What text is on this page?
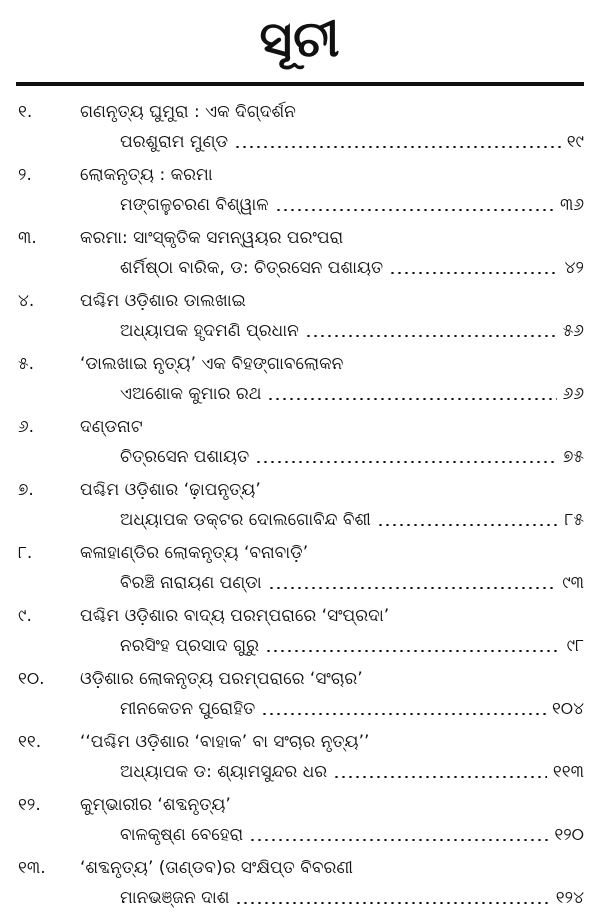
ସୂଚୀ
୧.	ଗଣନୃତ୍ୟ ଘୁମୁରା : ଏକ ଦିଗ୍‌ଦର୍ଶନ
ପରଶୁରାମ ମୁଣ୍ଡ	୧୯
୨.	ଲୋକନୃତ୍ୟ : କରମା
ମଙ୍ଗଳୁଚରଣ ବିଶ୍ୱାଳ	୩୬
୩.	କରମା: ସାଂସ୍କୃତିକ ସମନ୍ୱୟର ପରଂପରା
ଶର୍ମିଷ୍ଠା ବାରିକ, ଡ: ଚିତ୍ରସେନ ପଶାୟତ	୪୨
୪.	ପଶ୍ଚିମ ଓଡ଼ିଶାର ଡାଲଖାଇ
ଅଧ୍ୟାପକ ହୃଦମଣି ପ୍ରଧାନ	୫୬
୫.	‘ଡାଲଖାଇ ନୃତ୍ୟ’ ଏକ ବିହଙ୍ଗାବଲୋକନ
ଏଅଶୋକ କୁମାର ରଥ	୬୬
୬.	ଦଣ୍ଡନାଟ
ଚିତ୍ରସେନ ପଶାୟତ	୭୫
୭.	ପଶ୍ଚିମ ଓଡ଼ିଶାର ‘ଢ଼ାପନୃତ୍ୟ’
ଅଧ୍ୟାପକ ଡକ୍ଟର ଦୋଲଗୋବିନ୍ଦ ବିଶୀ	୮୫
୮.	କଳାହାଣ୍ଡିର ଲୋକନୃତ୍ୟ ‘ବନାବାଡ଼ି’
ବିରଞ୍ଚି ନାରାୟଣ ପଣ୍ଡା	୯୩
୯.	ପଶ୍ଚିମ ଓଡ଼ିଶାର ବାଦ୍ୟ ପରମ୍ପରାରେ ‘ସଂପ୍ରଦା’
ନରସିଂହ ପ୍ରସାଦ ଗୁରୁ	୯୮
୧୦.	ଓଡ଼ିଶାର ଲୋକନୃତ୍ୟ ପରମ୍ପରାରେ ‘ସଂଚାର’
ମୀନକେତନ ପୁରୋହିତ	୧୦୪
୧୧.	‘‘ପଶ୍ଚିମ ଓଡ଼ିଶାର ‘ବାହାକ’ ବା ସଂଚାର ନୃତ୍ୟ’’
ଅଧ୍ୟାପକ ଡ: ଶ୍ୟାମସୁନ୍ଦର ଧର	୧୧୩
୧୨.	କୁମ୍ଭାରୀର ‘ଶବ୍ଦନୃତ୍ୟ’
ବାଳକୃଷ୍ଣ ବେହେରା	୧୨୦
୧୩.	‘ଶବ୍ଦନୃତ୍ୟ’ (ତାଣ୍ଡବ)ର ସଂକ୍ଷିପ୍ତ ବିବରଣୀ
ମାନଭଞ୍ଜନ ଦାଶ	୧୨୪
